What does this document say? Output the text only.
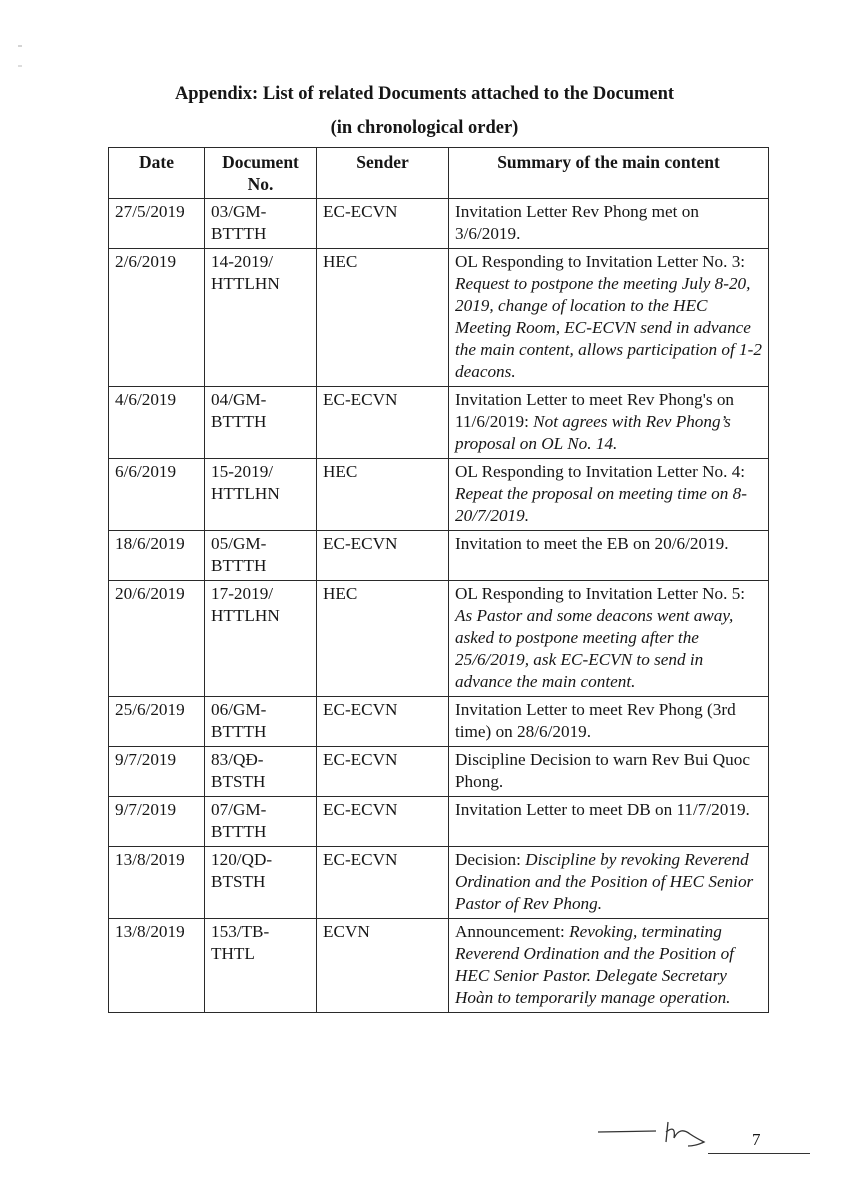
Appendix: List of related Documents attached to the Document
(in chronological order)
Date	Document No.	Sender	Summary of the main content
27/5/2019	03/GM-BTTTH	EC-ECVN	Invitation Letter Rev Phong met on 3/6/2019.
2/6/2019	14-2019/ HTTLHN	HEC	OL Responding to Invitation Letter No. 3: Request to postpone the meeting July 8-20, 2019, change of location to the HEC Meeting Room, EC-ECVN send in advance the main content, allows participation of 1-2 deacons.
4/6/2019	04/GM-BTTTH	EC-ECVN	Invitation Letter to meet Rev Phong's on 11/6/2019: Not agrees with Rev Phong’s proposal on OL No. 14.
6/6/2019	15-2019/ HTTLHN	HEC	OL Responding to Invitation Letter No. 4: Repeat the proposal on meeting time on 8-20/7/2019.
18/6/2019	05/GM-BTTTH	EC-ECVN	Invitation to meet the EB on 20/6/2019.
20/6/2019	17-2019/ HTTLHN	HEC	OL Responding to Invitation Letter No. 5: As Pastor and some deacons went away, asked to postpone meeting after the 25/6/2019, ask EC-ECVN to send in advance the main content.
25/6/2019	06/GM-BTTTH	EC-ECVN	Invitation Letter to meet Rev Phong (3rd time) on 28/6/2019.
9/7/2019	83/QĐ-BTSTH	EC-ECVN	Discipline Decision to warn Rev Bui Quoc Phong.
9/7/2019	07/GM-BTTTH	EC-ECVN	Invitation Letter to meet DB on 11/7/2019.
13/8/2019	120/QD-BTSTH	EC-ECVN	Decision: Discipline by revoking Reverend Ordination and the Position of HEC Senior Pastor of Rev Phong.
13/8/2019	153/TB-THTL	ECVN	Announcement: Revoking, terminating Reverend Ordination and the Position of HEC Senior Pastor. Delegate Secretary Hoàn to temporarily manage operation.
7
